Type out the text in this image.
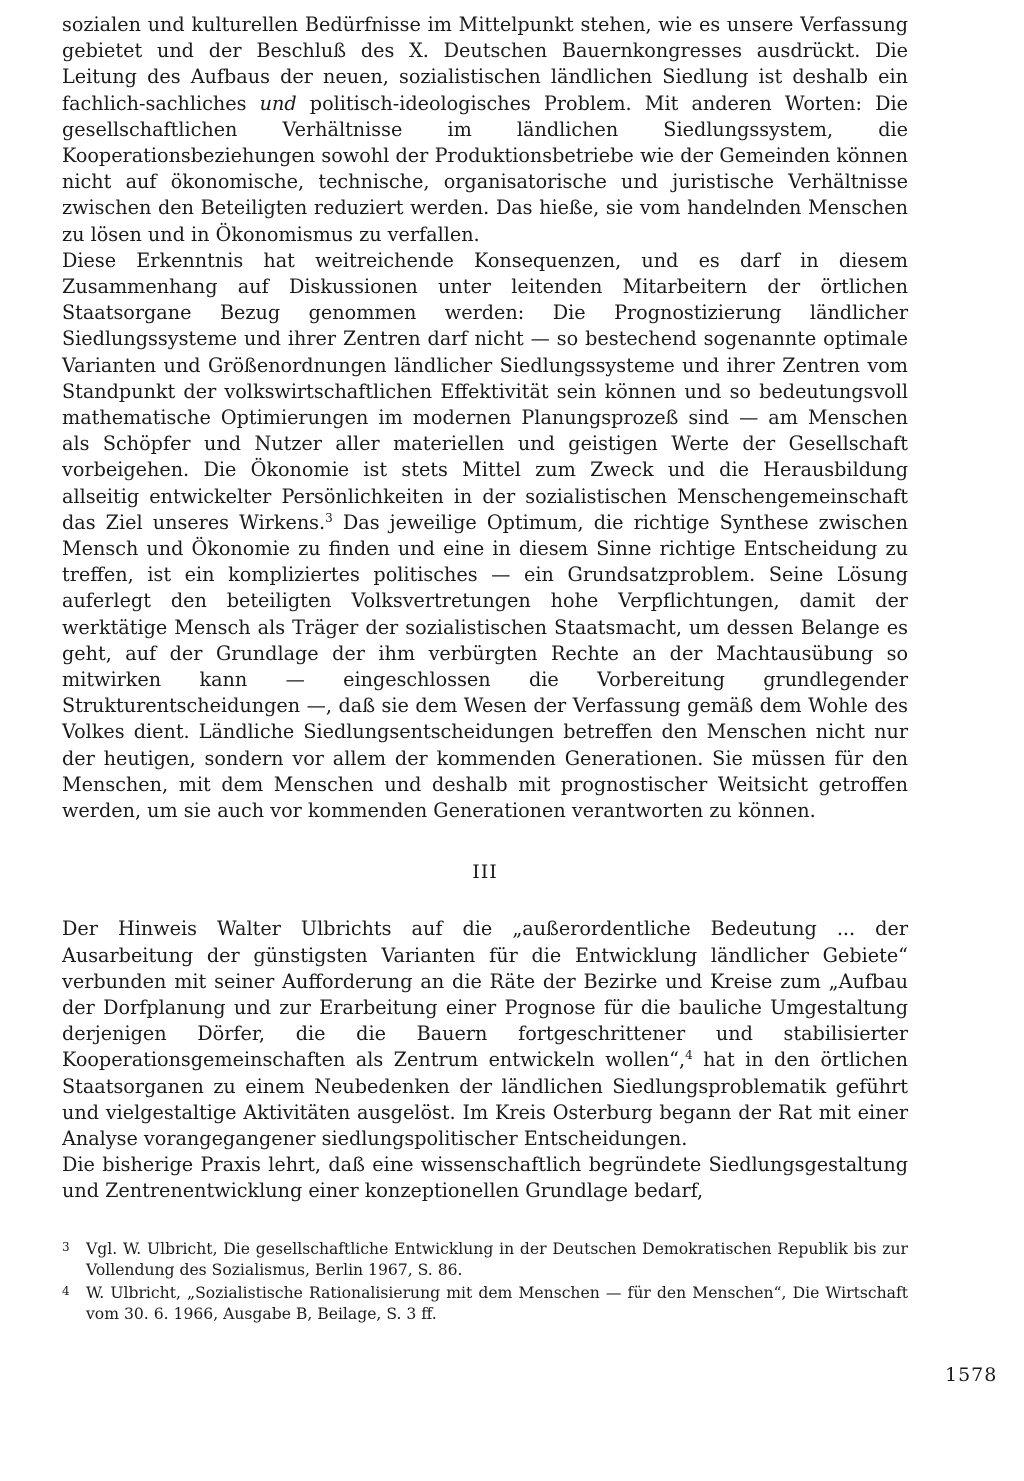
sozialen und kulturellen Bedürfnisse im Mittelpunkt stehen, wie es unsere Verfassung gebietet und der Beschluß des X. Deutschen Bauernkongresses ausdrückt. Die Leitung des Aufbaus der neuen, sozialistischen ländlichen Siedlung ist deshalb ein fachlich-sachliches und politisch-ideologisches Problem. Mit anderen Worten: Die gesellschaftlichen Verhältnisse im ländlichen Siedlungssystem, die Kooperationsbeziehungen sowohl der Produktionsbetriebe wie der Gemeinden können nicht auf ökonomische, technische, organisatorische und juristische Verhältnisse zwischen den Beteiligten reduziert werden. Das hieße, sie vom handelnden Menschen zu lösen und in Ökonomismus zu verfallen.

Diese Erkenntnis hat weitreichende Konsequenzen, und es darf in diesem Zusammenhang auf Diskussionen unter leitenden Mitarbeitern der örtlichen Staatsorgane Bezug genommen werden: Die Prognostizierung ländlicher Siedlungssysteme und ihrer Zentren darf nicht — so bestechend sogenannte optimale Varianten und Größenordnungen ländlicher Siedlungssysteme und ihrer Zentren vom Standpunkt der volkswirtschaftlichen Effektivität sein können und so bedeutungsvoll mathematische Optimierungen im modernen Planungsprozeß sind — am Menschen als Schöpfer und Nutzer aller materiellen und geistigen Werte der Gesellschaft vorbeigehen. Die Ökonomie ist stets Mittel zum Zweck und die Herausbildung allseitig entwickelter Persönlichkeiten in der sozialistischen Menschengemeinschaft das Ziel unseres Wirkens.$^3$ Das jeweilige Optimum, die richtige Synthese zwischen Mensch und Ökonomie zu finden und eine in diesem Sinne richtige Entscheidung zu treffen, ist ein kompliziertes politisches — ein Grundsatzproblem. Seine Lösung auferlegt den beteiligten Volksvertretungen hohe Verpflichtungen, damit der werktätige Mensch als Träger der sozialistischen Staatsmacht, um dessen Belange es geht, auf der Grundlage der ihm verbürgten Rechte an der Machtausübung so mitwirken kann — eingeschlossen die Vorbereitung grundlegender Strukturentscheidungen —, daß sie dem Wesen der Verfassung gemäß dem Wohle des Volkes dient. Ländliche Siedlungsentscheidungen betreffen den Menschen nicht nur der heutigen, sondern vor allem der kommenden Generationen. Sie müssen für den Menschen, mit dem Menschen und deshalb mit prognostischer Weitsicht getroffen werden, um sie auch vor kommenden Generationen verantworten zu können.

III

Der Hinweis Walter Ulbrichts auf die „außerordentliche Bedeutung ... der Ausarbeitung der günstigsten Varianten für die Entwicklung ländlicher Gebiete“ verbunden mit seiner Aufforderung an die Räte der Bezirke und Kreise zum „Aufbau der Dorfplanung und zur Erarbeitung einer Prognose für die bauliche Umgestaltung derjenigen Dörfer, die die Bauern fortgeschrittener und stabilisierter Kooperationsgemeinschaften als Zentrum entwickeln wollen“,$^4$ hat in den örtlichen Staatsorganen zu einem Neubedenken der ländlichen Siedlungsproblematik geführt und vielgestaltige Aktivitäten ausgelöst. Im Kreis Osterburg begann der Rat mit einer Analyse vorangegangener siedlungspolitischer Entscheidungen.

Die bisherige Praxis lehrt, daß eine wissenschaftlich begründete Siedlungsgestaltung und Zentrenentwicklung einer konzeptionellen Grundlage bedarf,

3 Vgl. W. Ulbricht, Die gesellschaftliche Entwicklung in der Deutschen Demokratischen Republik bis zur Vollendung des Sozialismus, Berlin 1967, S. 86.

4 W. Ulbricht, „Sozialistische Rationalisierung mit dem Menschen — für den Menschen“, Die Wirtschaft vom 30. 6. 1966, Ausgabe B, Beilage, S. 3 ff.

1578
